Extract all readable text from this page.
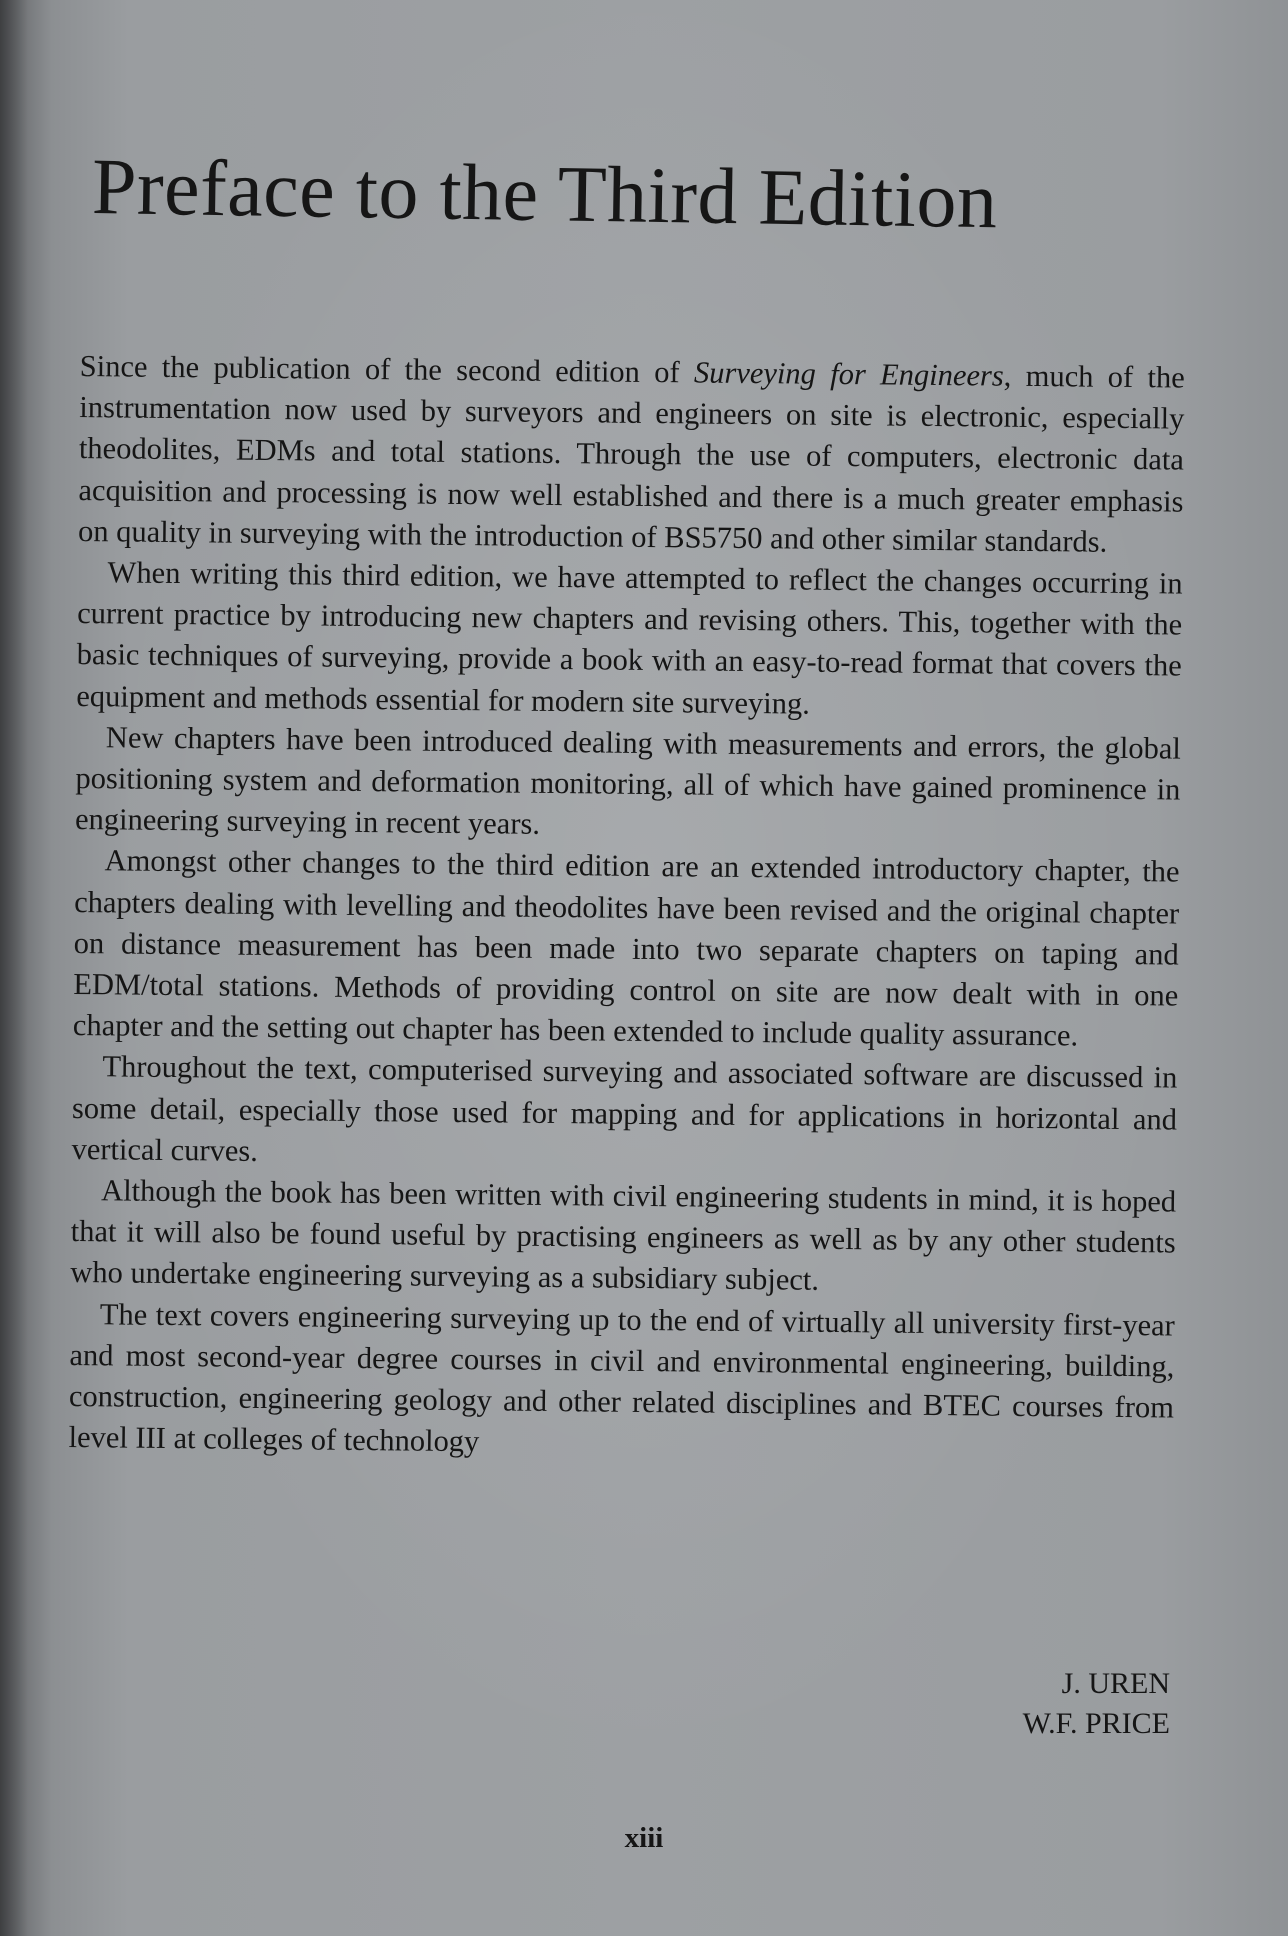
Preface to the Third Edition

Since the publication of the second edition of Surveying for Engineers, much of the instrumentation now used by surveyors and engineers on site is electronic, especially theodolites, EDMs and total stations. Through the use of computers, electronic data acquisition and processing is now well established and there is a much greater emphasis on quality in surveying with the introduction of BS5750 and other similar standards.

When writing this third edition, we have attempted to reflect the changes occurring in current practice by introducing new chapters and revising others. This, together with the basic techniques of surveying, provide a book with an easy-to-read format that covers the equipment and methods essential for modern site surveying.

New chapters have been introduced dealing with measurements and errors, the global positioning system and deformation monitoring, all of which have gained prominence in engineering surveying in recent years.

Amongst other changes to the third edition are an extended introductory chapter, the chapters dealing with levelling and theodolites have been revised and the original chapter on distance measurement has been made into two separate chapters on taping and EDM/total stations. Methods of providing control on site are now dealt with in one chapter and the setting out chapter has been extended to include quality assurance.

Throughout the text, computerised surveying and associated software are discussed in some detail, especially those used for mapping and for applications in horizontal and vertical curves.

Although the book has been written with civil engineering students in mind, it is hoped that it will also be found useful by practising engineers as well as by any other students who undertake engineering surveying as a subsidiary subject.

The text covers engineering surveying up to the end of virtually all university first-year and most second-year degree courses in civil and environmental engineering, building, construction, engineering geology and other related disciplines and BTEC courses from level III at colleges of technology

J. UREN
W.F. PRICE
xiii
